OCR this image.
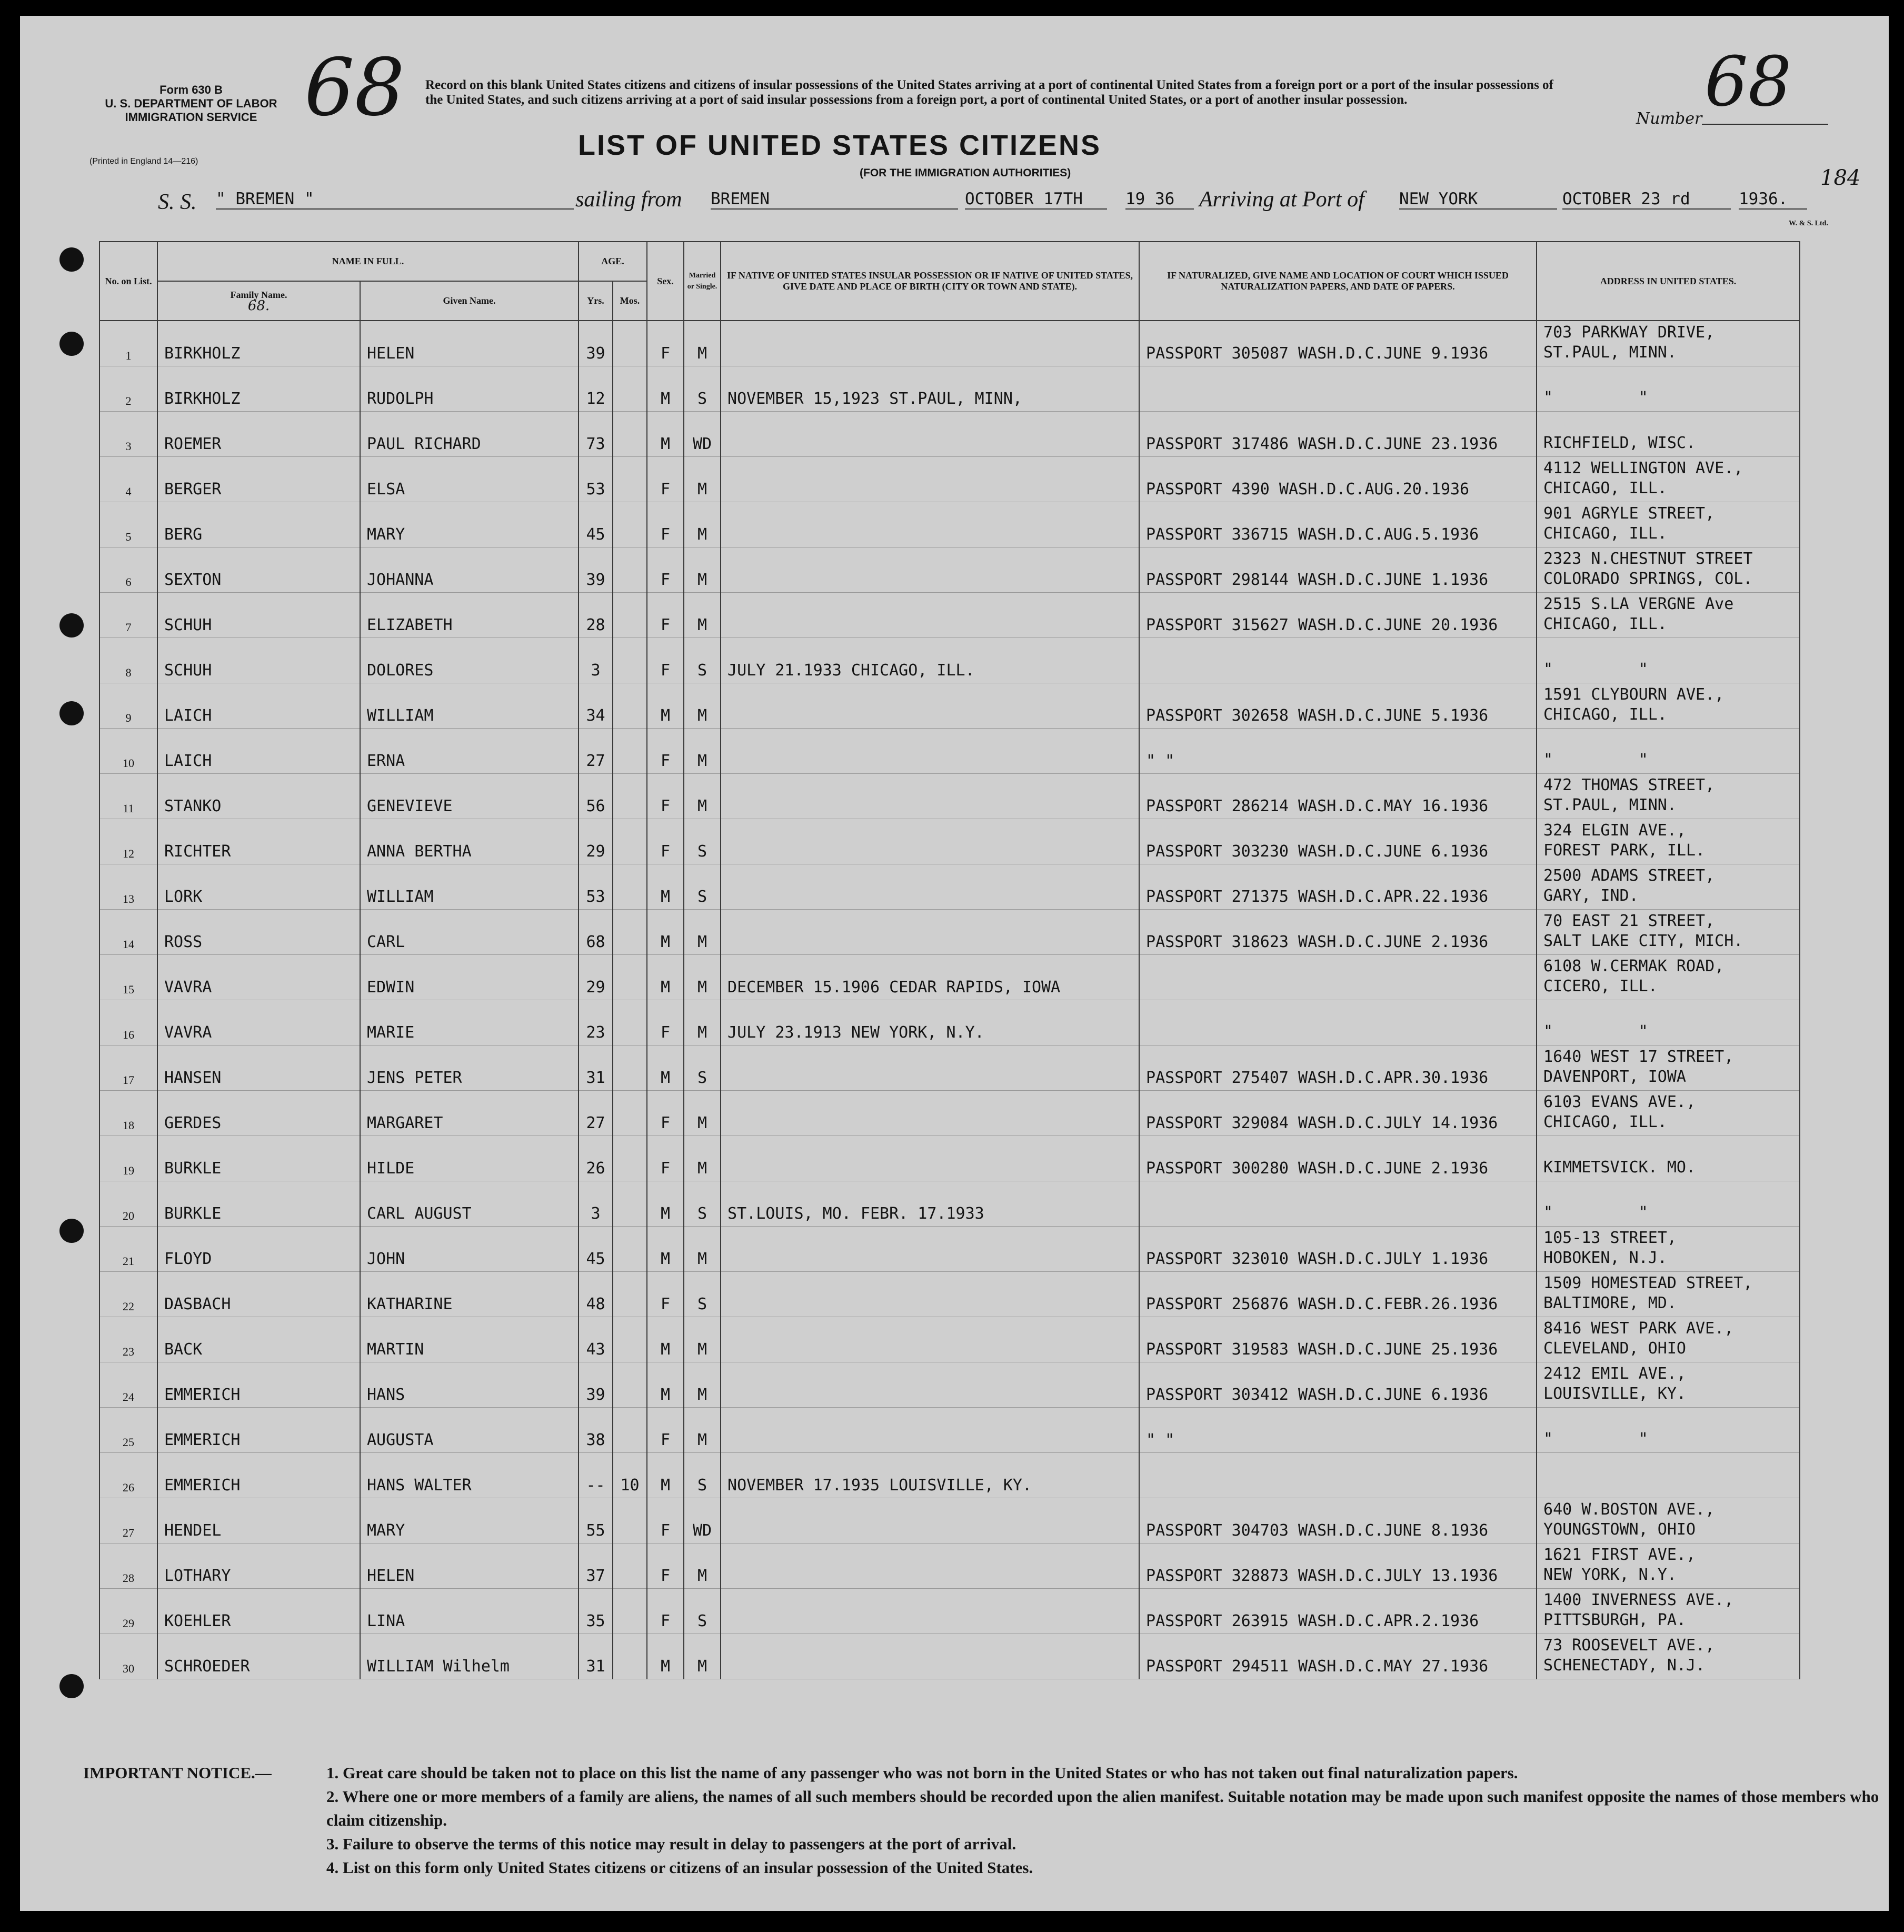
Form 630 B
U. S. DEPARTMENT OF LABOR
IMMIGRATION SERVICE
(Printed in England 14—216)
68 Record on this blank United States citizens and citizens of insular possessions of the United States arriving at a port of continental United States from a foreign port or a port of the insular possessions of the United States, and such citizens arriving at a port of said insular possessions from a foreign port, a port of continental United States, or a port of another insular possession.
LIST OF UNITED STATES CITIZENS
(FOR THE IMMIGRATION AUTHORITIES)
Number 68
184
W. & S. Ltd.
S. S. " BREMEN "	sailing from BREMEN	OCTOBER 17TH	19 36	Arriving at Port of NEW YORK	OCTOBER 23 rd	1936.
No. on List.	NAME IN FULL.		AGE.		Sex.	Married or Single.	IF NATIVE OF UNITED STATES INSULAR POSSESSION OR IF NATIVE OF UNITED STATES, GIVE DATE AND PLACE OF BIRTH (CITY OR TOWN AND STATE).	IF NATURALIZED, GIVE NAME AND LOCATION OF COURT WHICH ISSUED NATURALIZATION PAPERS, AND DATE OF PAPERS.	ADDRESS IN UNITED STATES.
	Family Name.
68.	Given Name.	Yrs.	Mos.					
1	BIRKHOLZ	HELEN	39		F	M		PASSPORT 305087 WASH.D.C.JUNE 9.1936	703 PARKWAY DRIVE,
ST.PAUL, MINN.
2	BIRKHOLZ	RUDOLPH	12		M	S	NOVEMBER 15,1923 ST.PAUL, MINN,		"         "
3	ROEMER	PAUL RICHARD	73		M	WD		PASSPORT 317486 WASH.D.C.JUNE 23.1936	RICHFIELD, WISC.
4	BERGER	ELSA	53		F	M		PASSPORT 4390 WASH.D.C.AUG.20.1936	4112 WELLINGTON AVE.,
CHICAGO, ILL.
5	BERG	MARY	45		F	M		PASSPORT 336715 WASH.D.C.AUG.5.1936	901 AGRYLE STREET,
CHICAGO, ILL.
6	SEXTON	JOHANNA	39		F	M		PASSPORT 298144 WASH.D.C.JUNE 1.1936	2323 N.CHESTNUT STREET
COLORADO SPRINGS, COL.
7	SCHUH	ELIZABETH	28		F	M		PASSPORT 315627 WASH.D.C.JUNE 20.1936	2515 S.LA VERGNE Ave
CHICAGO, ILL.
8	SCHUH	DOLORES	3		F	S	JULY 21.1933 CHICAGO, ILL.		"         "
9	LAICH	WILLIAM	34		M	M		PASSPORT 302658 WASH.D.C.JUNE 5.1936	1591 CLYBOURN AVE.,
CHICAGO, ILL.
10	LAICH	ERNA	27		F	M		" "	"         "
11	STANKO	GENEVIEVE	56		F	M		PASSPORT 286214 WASH.D.C.MAY 16.1936	472 THOMAS STREET,
ST.PAUL, MINN.
12	RICHTER	ANNA BERTHA	29		F	S		PASSPORT 303230 WASH.D.C.JUNE 6.1936	324 ELGIN AVE.,
FOREST PARK, ILL.
13	LORK	WILLIAM	53		M	S		PASSPORT 271375 WASH.D.C.APR.22.1936	2500 ADAMS STREET,
GARY, IND.
14	ROSS	CARL	68		M	M		PASSPORT 318623 WASH.D.C.JUNE 2.1936	70 EAST 21 STREET,
SALT LAKE CITY, MICH.
15	VAVRA	EDWIN	29		M	M	DECEMBER 15.1906 CEDAR RAPIDS, IOWA		6108 W.CERMAK ROAD,
CICERO, ILL.
16	VAVRA	MARIE	23		F	M	JULY 23.1913 NEW YORK, N.Y.		"         "
17	HANSEN	JENS PETER	31		M	S		PASSPORT 275407 WASH.D.C.APR.30.1936	1640 WEST 17 STREET,
DAVENPORT, IOWA
18	GERDES	MARGARET	27		F	M		PASSPORT 329084 WASH.D.C.JULY 14.1936	6103 EVANS AVE.,
CHICAGO, ILL.
19	BURKLE	HILDE	26		F	M		PASSPORT 300280 WASH.D.C.JUNE 2.1936	KIMMETSVICK. MO.
20	BURKLE	CARL AUGUST	3		M	S	ST.LOUIS, MO. FEBR. 17.1933		"         "
21	FLOYD	JOHN	45		M	M		PASSPORT 323010 WASH.D.C.JULY 1.1936	105-13 STREET,
HOBOKEN, N.J.
22	DASBACH	KATHARINE	48		F	S		PASSPORT 256876 WASH.D.C.FEBR.26.1936	1509 HOMESTEAD STREET,
BALTIMORE, MD.
23	BACK	MARTIN	43		M	M		PASSPORT 319583 WASH.D.C.JUNE 25.1936	8416 WEST PARK AVE.,
CLEVELAND, OHIO
24	EMMERICH	HANS	39		M	M		PASSPORT 303412 WASH.D.C.JUNE 6.1936	2412 EMIL AVE.,
LOUISVILLE, KY.
25	EMMERICH	AUGUSTA	38		F	M		" "	"         "
26	EMMERICH	HANS WALTER	--	10	M	S	NOVEMBER 17.1935 LOUISVILLE, KY.		
27	HENDEL	MARY	55		F	WD		PASSPORT 304703 WASH.D.C.JUNE 8.1936	640 W.BOSTON AVE.,
YOUNGSTOWN, OHIO
28	LOTHARY	HELEN	37		F	M		PASSPORT 328873 WASH.D.C.JULY 13.1936	1621 FIRST AVE.,
NEW YORK, N.Y.
29	KOEHLER	LINA	35		F	S		PASSPORT 263915 WASH.D.C.APR.2.1936	1400 INVERNESS AVE.,
PITTSBURGH, PA.
30	SCHROEDER	WILLIAM Wilhelm	31		M	M		PASSPORT 294511 WASH.D.C.MAY 27.1936	73 ROOSEVELT AVE.,
SCHENECTADY, N.J.
IMPORTANT NOTICE.—	1. Great care should be taken not to place on this list the name of any passenger who was not born in the United States or who has not taken out final naturalization papers.
2. Where one or more members of a family are aliens, the names of all such members should be recorded upon the alien manifest. Suitable notation may be made upon such manifest opposite the names of those members who claim citizenship.
3. Failure to observe the terms of this notice may result in delay to passengers at the port of arrival.
4. List on this form only United States citizens or citizens of an insular possession of the United States.
